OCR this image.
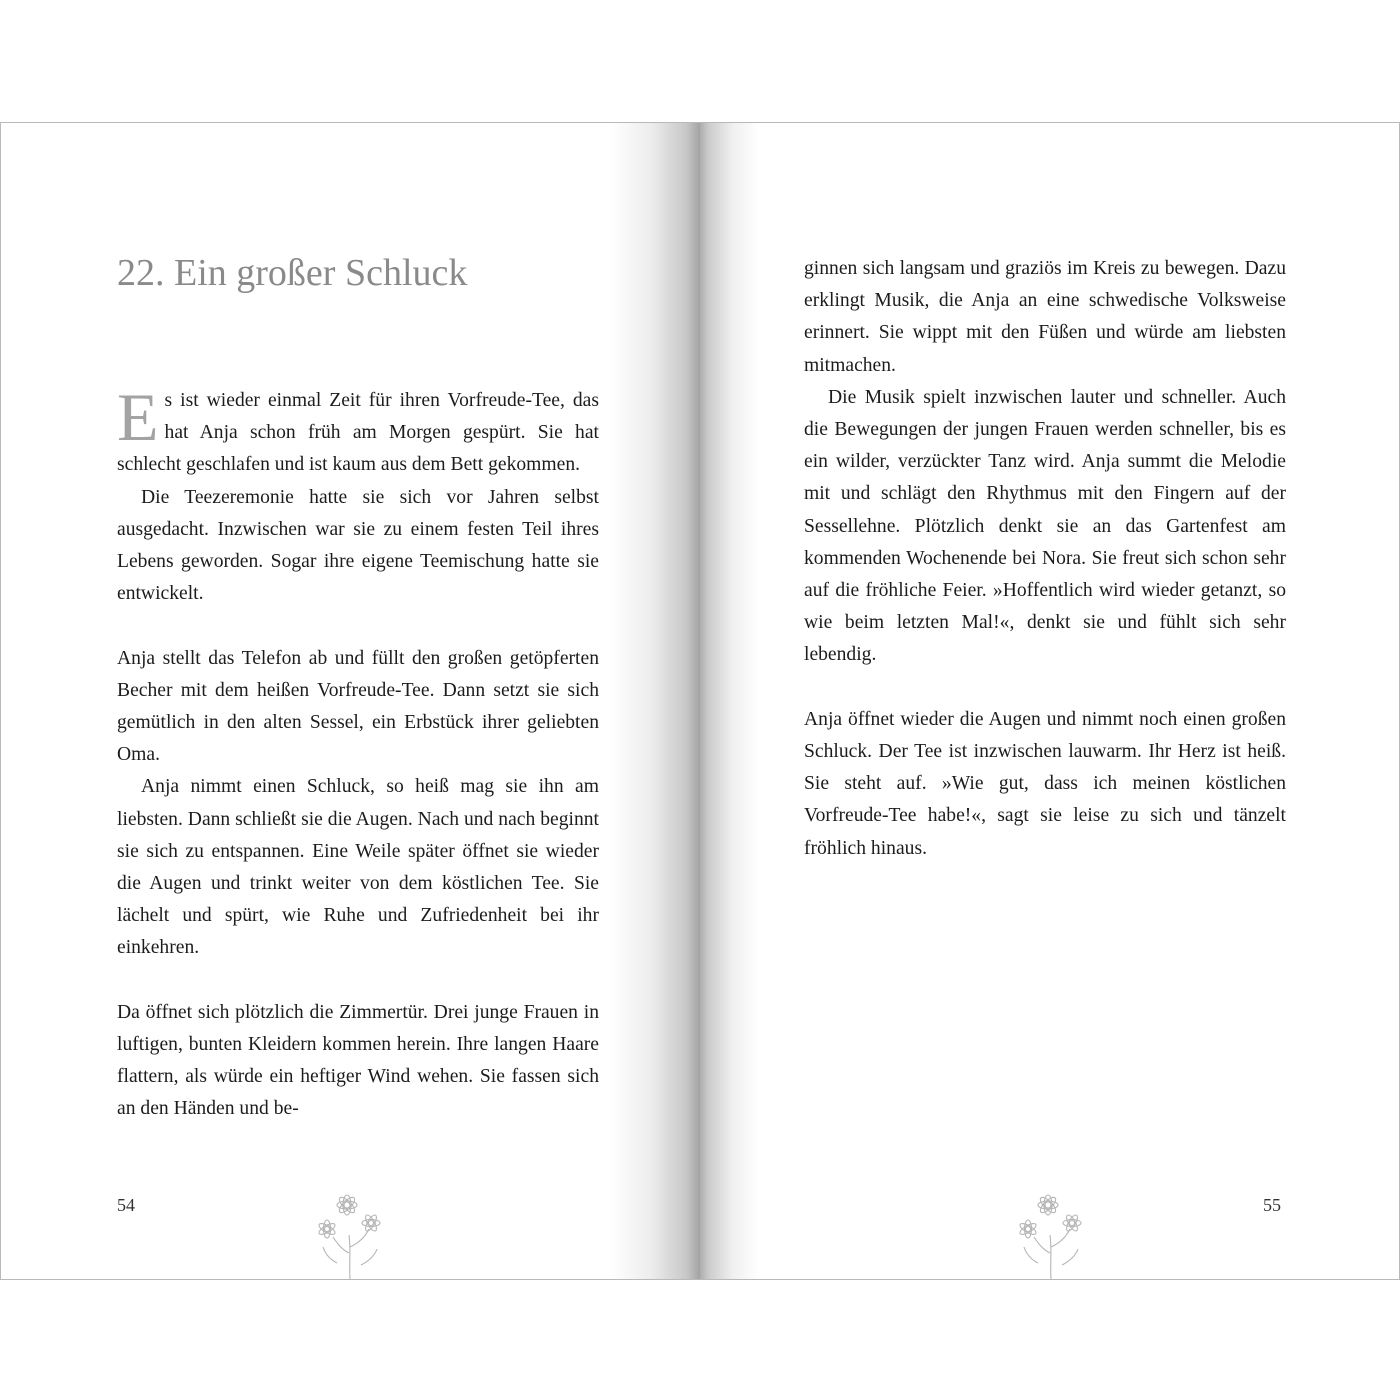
22. Ein großer Schluck

Es ist wieder einmal Zeit für ihren Vorfreude-Tee, das hat Anja schon früh am Morgen gespürt. Sie hat schlecht geschlafen und ist kaum aus dem Bett gekommen.

Die Teezeremonie hatte sie sich vor Jahren selbst ausgedacht. Inzwischen war sie zu einem festen Teil ihres Lebens geworden. Sogar ihre eigene Teemischung hatte sie entwickelt.

Anja stellt das Telefon ab und füllt den großen getöpferten Becher mit dem heißen Vorfreude-Tee. Dann setzt sie sich gemütlich in den alten Sessel, ein Erbstück ihrer geliebten Oma.

Anja nimmt einen Schluck, so heiß mag sie ihn am liebsten. Dann schließt sie die Augen. Nach und nach beginnt sie sich zu entspannen. Eine Weile später öffnet sie wieder die Augen und trinkt weiter von dem köstlichen Tee. Sie lächelt und spürt, wie Ruhe und Zufriedenheit bei ihr einkehren.

Da öffnet sich plötzlich die Zimmertür. Drei junge Frauen in luftigen, bunten Kleidern kommen herein. Ihre langen Haare flattern, als würde ein heftiger Wind wehen. Sie fassen sich an den Händen und be-

54

ginnen sich langsam und graziös im Kreis zu bewegen. Dazu erklingt Musik, die Anja an eine schwedische Volksweise erinnert. Sie wippt mit den Füßen und würde am liebsten mitmachen.

Die Musik spielt inzwischen lauter und schneller. Auch die Bewegungen der jungen Frauen werden schneller, bis es ein wilder, verzückter Tanz wird. Anja summt die Melodie mit und schlägt den Rhythmus mit den Fingern auf der Sessellehne. Plötzlich denkt sie an das Gartenfest am kommenden Wochenende bei Nora. Sie freut sich schon sehr auf die fröhliche Feier. »Hoffentlich wird wieder getanzt, so wie beim letzten Mal!«, denkt sie und fühlt sich sehr lebendig.

Anja öffnet wieder die Augen und nimmt noch einen großen Schluck. Der Tee ist inzwischen lauwarm. Ihr Herz ist heiß. Sie steht auf. »Wie gut, dass ich meinen köstlichen Vorfreude-Tee habe!«, sagt sie leise zu sich und tänzelt fröhlich hinaus.

55
